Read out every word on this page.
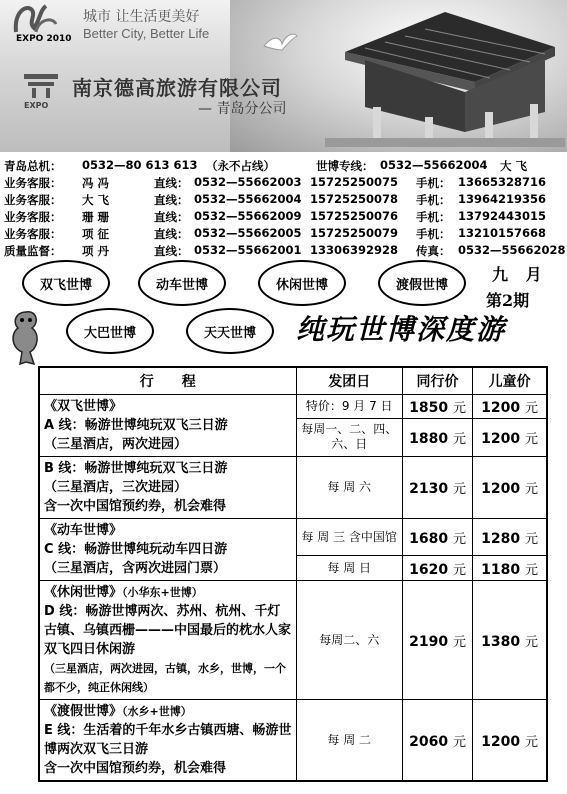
EXPO 2010
城市 让生活更美好
Better City, Better Life
EXPO
南京德高旅游有限公司
— 青岛分公司
青岛总机： 0532—80 613 613 （永不占线）	世博专线： 0532—55662004 大 飞
业务客服： 冯 冯	直线： 0532—55662003 15725250075 手机： 13665328716
业务客服： 大 飞	直线： 0532—55662004 15725250078 手机： 13964219356
业务客服： 珊 珊	直线： 0532—55662009 15725250076 手机： 13792443015
业务客服： 项 征	直线： 0532—55662005 15725250079 手机： 13210157668
质量监督： 项 丹	直线： 0532—55662001 13306392928 传真： 0532—55662028
双飞世博	动车世博	休闲世博	渡假世博
大巴世博	天天世博
九 月
第2期
纯玩世博深度游
行　　程	发团日	同行价	儿童价

《双飞世博》
A 线：畅游世博纯玩双飞三日游
（三星酒店，两次进园）	特价：9 月 7 日	1850 元	1200 元
	每周一、二、四、六、日	1880 元	1200 元

B 线：畅游世博纯玩双飞三日游
（三星酒店，三次进园）
含一次中国馆预约券，机会难得	每 周 六	2130 元	1200 元

《动车世博》
C 线：畅游世博纯玩动车四日游
（三星酒店，含两次进园门票）	每 周 三 含中国馆	1680 元	1280 元
	每 周 日	1620 元	1180 元

《休闲世博》（小华东+世博）
D 线：畅游世博两次、苏州、杭州、千灯古镇、乌镇西栅———中国最后的枕水人家双飞四日休闲游
（三星酒店，两次进园，古镇，水乡，世博，一个都不少，纯正休闲线）	每周二、六	2190 元	1380 元

《渡假世博》（水乡+世博）
E 线：生活着的千年水乡古镇西塘、畅游世博两次双飞三日游
含一次中国馆预约券，机会难得	每 周 二	2060 元	1200 元
